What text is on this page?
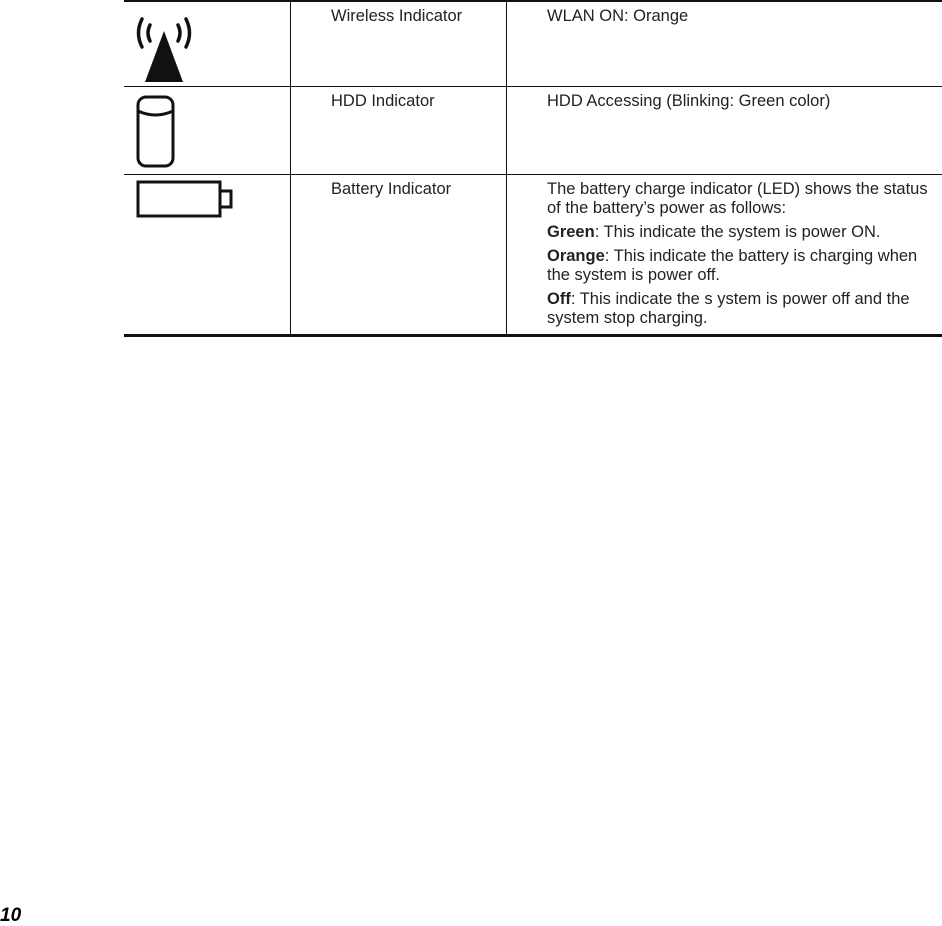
Wireless Indicator	WLAN ON: Orange

HDD Indicator	HDD Accessing (Blinking: Green color)

Battery Indicator	The battery charge indicator (LED) shows the status of the battery’s power as follows:
Green: This indicate the system is power ON.
Orange: This indicate the battery is charging when the system is power off.
Off: This indicate the s ystem is power off and the system stop charging.
10
